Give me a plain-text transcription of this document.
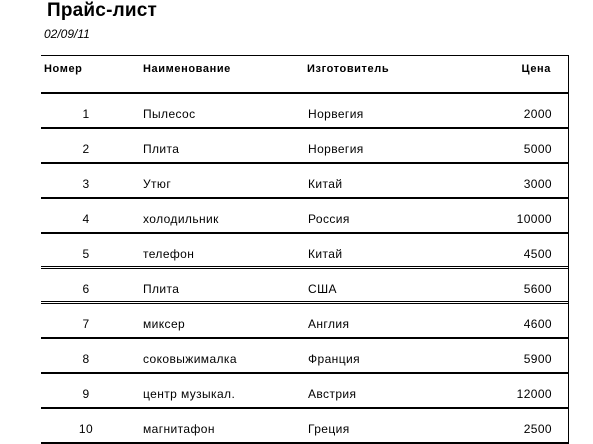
Прайс-лист
02/09/11
Номер	Наименование	Изготовитель	Цена
1	Пылесос	Норвегия	2000
2	Плита	Норвегия	5000
3	Утюг	Китай	3000
4	холодильник	Россия	10000
5	телефон	Китай	4500
6	Плита	США	5600
7	миксер	Англия	4600
8	соковыжималка	Франция	5900
9	центр музыкал.	Австрия	12000
10	магнитафон	Греция	2500
